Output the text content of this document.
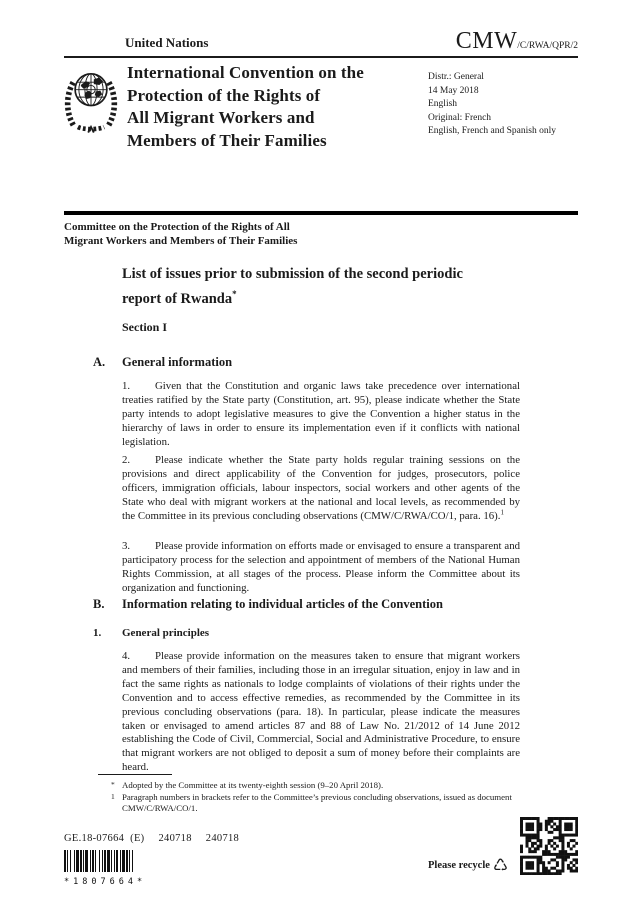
United Nations	CMW/C/RWA/QPR/2
International Convention on the
Protection of the Rights of
All Migrant Workers and
Members of Their Families
Distr.: General
14 May 2018
English
Original: French
English, French and Spanish only
Committee on the Protection of the Rights of All
Migrant Workers and Members of Their Families
List of issues prior to submission of the second periodic report of Rwanda*
Section I
A. General information
1. Given that the Constitution and organic laws take precedence over international treaties ratified by the State party (Constitution, art. 95), please indicate whether the State party intends to adopt legislative measures to give the Convention a higher status in the hierarchy of laws in order to ensure its implementation even if it conflicts with national legislation.
2. Please indicate whether the State party holds regular training sessions on the provisions and direct applicability of the Convention for judges, prosecutors, police officers, immigration officials, labour inspectors, social workers and other agents of the State who deal with migrant workers at the national and local levels, as recommended by the Committee in its previous concluding observations (CMW/C/RWA/CO/1, para. 16).$^1$
3. Please provide information on efforts made or envisaged to ensure a transparent and participatory process for the selection and appointment of members of the National Human Rights Commission, at all stages of the process. Please inform the Committee about its organization and functioning.
B. Information relating to individual articles of the Convention
1. General principles
4. Please provide information on the measures taken to ensure that migrant workers and members of their families, including those in an irregular situation, enjoy in law and in fact the same rights as nationals to lodge complaints of violations of their rights under the Convention and to access effective remedies, as recommended by the Committee in its previous concluding observations (para. 18). In particular, please indicate the measures taken or envisaged to amend articles 87 and 88 of Law No. 21/2012 of 14 June 2012 establishing the Code of Civil, Commercial, Social and Administrative Procedure, to ensure that migrant workers are not obliged to deposit a sum of money before their complaints are heard.
* Adopted by the Committee at its twenty-eighth session (9–20 April 2018).
1 Paragraph numbers in brackets refer to the Committee’s previous concluding observations, issued as document CMW/C/RWA/CO/1.
GE.18-07664 (E) 240718 240718
*1807664*
Please recycle ♺
